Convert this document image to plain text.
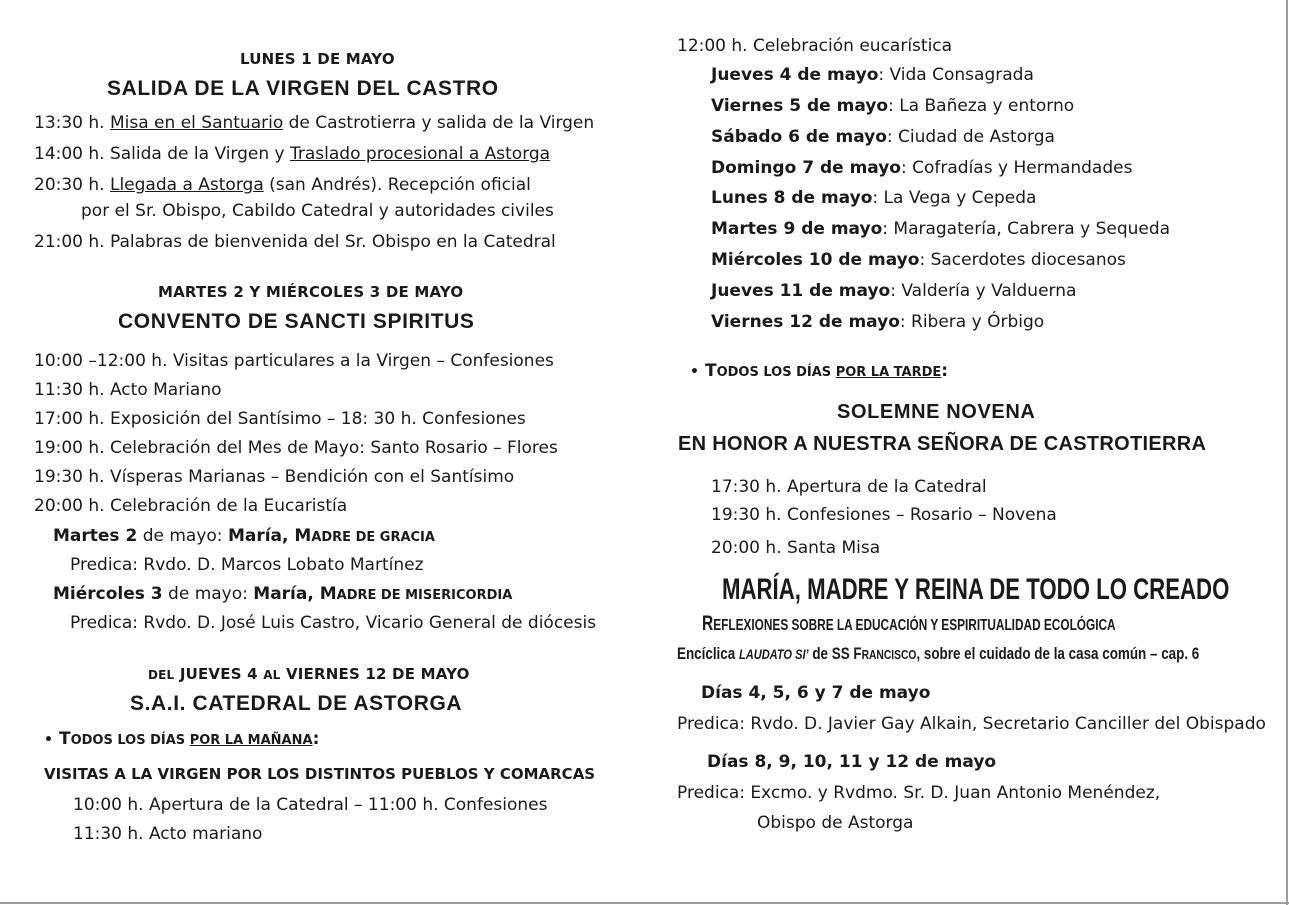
LUNES 1 DE MAYO
SALIDA DE LA VIRGEN DEL CASTRO
13:30 h. Misa en el Santuario de Castrotierra y salida de la Virgen
14:00 h. Salida de la Virgen y Traslado procesional a Astorga
20:30 h. Llegada a Astorga (san Andrés). Recepción oficial
por el Sr. Obispo, Cabildo Catedral y autoridades civiles
21:00 h. Palabras de bienvenida del Sr. Obispo en la Catedral
MARTES 2 Y MIÉRCOLES 3 DE MAYO
CONVENTO DE SANCTI SPIRITUS
10:00 –12:00 h. Visitas particulares a la Virgen – Confesiones
11:30 h. Acto Mariano
17:00 h. Exposición del Santísimo – 18: 30 h. Confesiones
19:00 h. Celebración del Mes de Mayo: Santo Rosario – Flores
19:30 h. Vísperas Marianas – Bendición con el Santísimo
20:00 h. Celebración de la Eucaristía
Martes 2 de mayo: María, MADRE DE GRACIA
Predica: Rvdo. D. Marcos Lobato Martínez
Miércoles 3 de mayo: María, MADRE DE MISERICORDIA
Predica: Rvdo. D. José Luis Castro, Vicario General de diócesis
DEL JUEVES 4 AL VIERNES 12 DE MAYO
S.A.I. CATEDRAL DE ASTORGA
• TODOS LOS DÍAS POR LA MAÑANA:
VISITAS A LA VIRGEN POR LOS DISTINTOS PUEBLOS Y COMARCAS
10:00 h. Apertura de la Catedral – 11:00 h. Confesiones
11:30 h. Acto mariano
12:00 h. Celebración eucarística
Jueves 4 de mayo: Vida Consagrada
Viernes 5 de mayo: La Bañeza y entorno
Sábado 6 de mayo: Ciudad de Astorga
Domingo 7 de mayo: Cofradías y Hermandades
Lunes 8 de mayo: La Vega y Cepeda
Martes 9 de mayo: Maragatería, Cabrera y Sequeda
Miércoles 10 de mayo: Sacerdotes diocesanos
Jueves 11 de mayo: Valdería y Valduerna
Viernes 12 de mayo: Ribera y Órbigo
• TODOS LOS DÍAS POR LA TARDE:
SOLEMNE NOVENA
EN HONOR A NUESTRA SEÑORA DE CASTROTIERRA
17:30 h. Apertura de la Catedral
19:30 h. Confesiones – Rosario – Novena
20:00 h. Santa Misa
MARÍA, MADRE Y REINA DE TODO LO CREADO
REFLEXIONES SOBRE LA EDUCACIÓN Y ESPIRITUALIDAD ECOLÓGICA
Encíclica LAUDATO SI’ de SS FRANCISCO, sobre el cuidado de la casa común – cap. 6
Días 4, 5, 6 y 7 de mayo
Predica: Rvdo. D. Javier Gay Alkain, Secretario Canciller del Obispado
Días 8, 9, 10, 11 y 12 de mayo
Predica: Excmo. y Rvdmo. Sr. D. Juan Antonio Menéndez,
Obispo de Astorga
